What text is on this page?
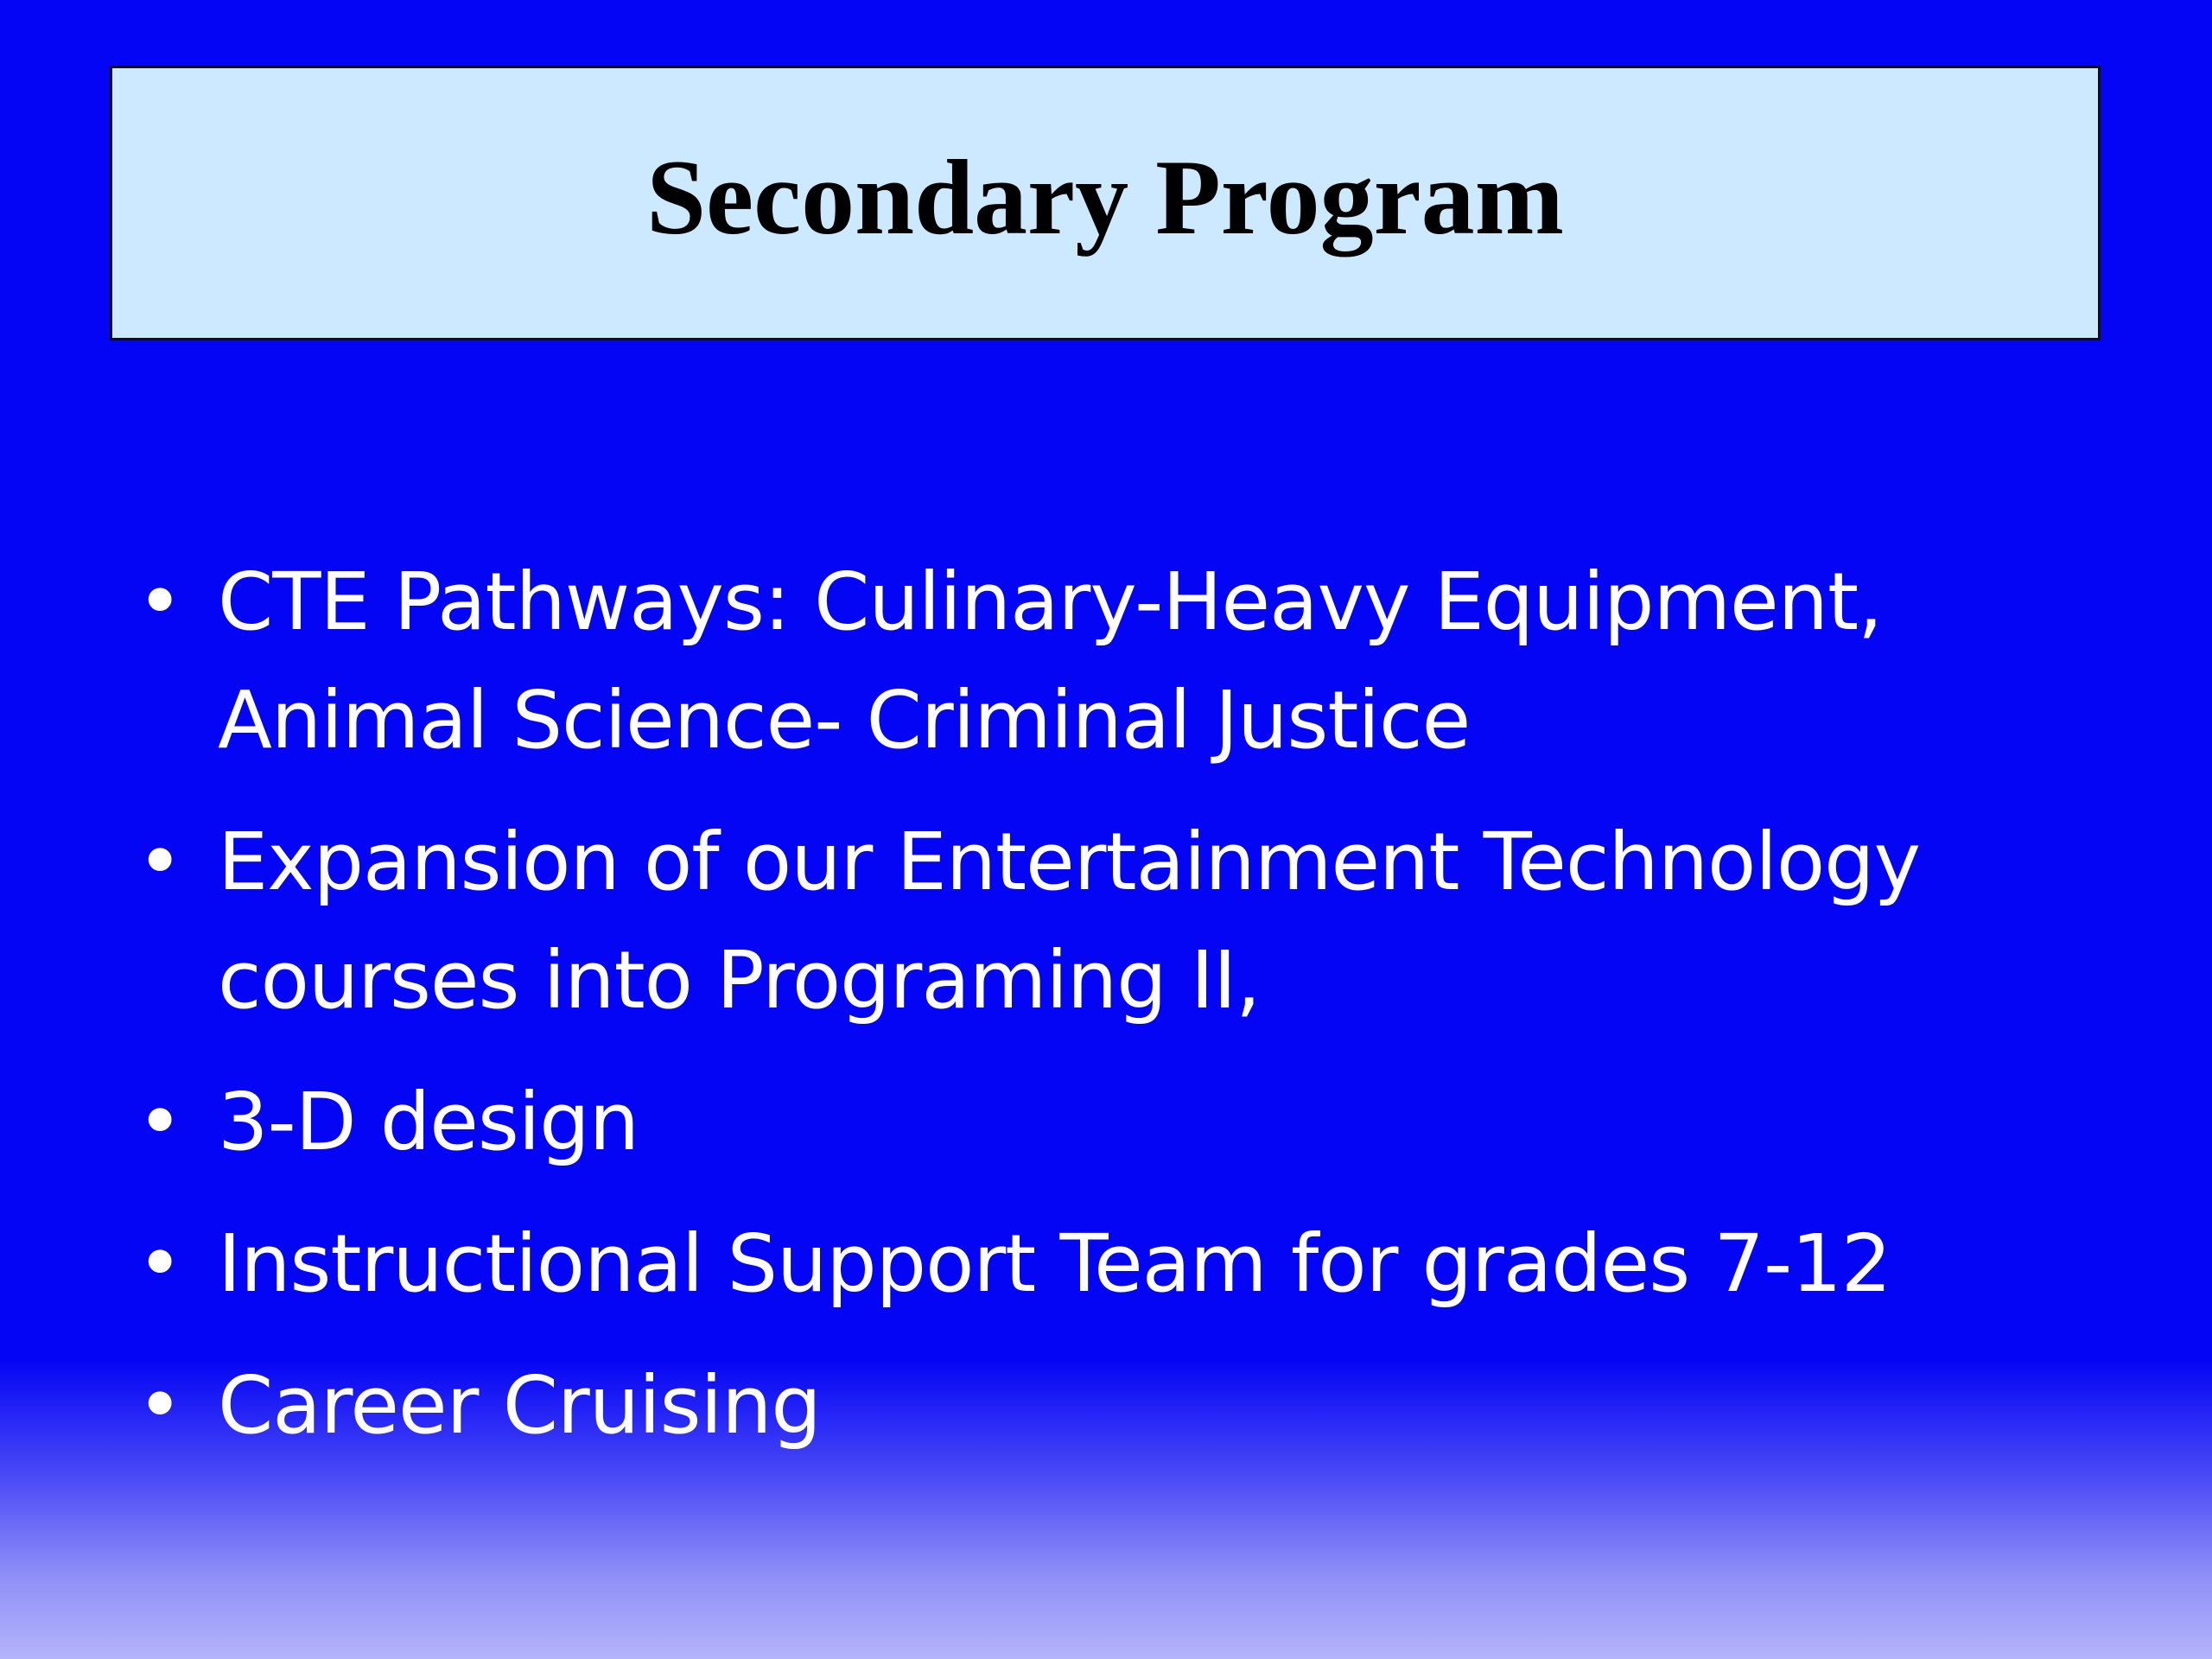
Secondary Program
• CTE Pathways: Culinary-Heavy Equipment, Animal Science- Criminal Justice
• Expansion of our Entertainment Technology courses into Programing II,
• 3-D design
• Instructional Support Team for grades 7-12
• Career Cruising
